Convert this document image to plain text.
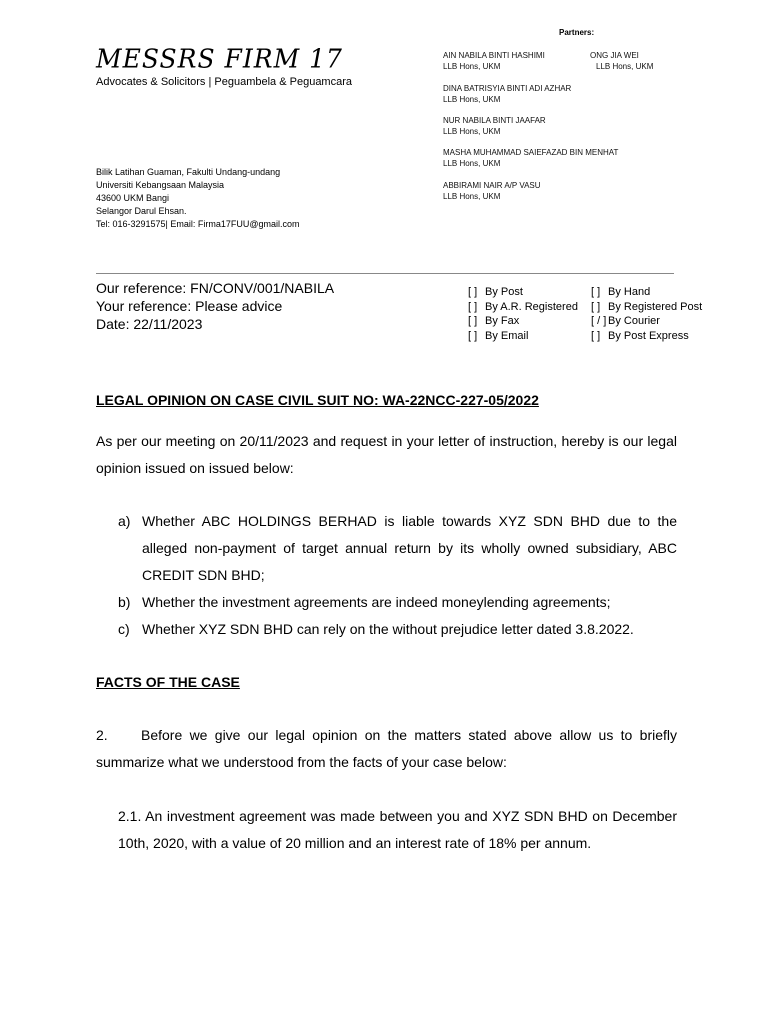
Partners:
MESSRS FIRM 17
Advocates & Solicitors | Peguambela & Peguamcara
AIN NABILA BINTI HASHIMI
LLB Hons, UKM
ONG JIA WEI
LLB Hons, UKM
DINA BATRISYIA BINTI ADI AZHAR
LLB Hons, UKM
NUR NABILA BINTI JAAFAR
LLB Hons, UKM
MASHA MUHAMMAD SAIEFAZAD BIN MENHAT
LLB Hons, UKM
ABBIRAMI NAIR A/P VASU
LLB Hons, UKM
Bilik Latihan Guaman, Fakulti Undang-undang
Universiti Kebangsaan Malaysia
43600 UKM Bangi
Selangor Darul Ehsan.
Tel: 016-3291575| Email: Firma17FUU@gmail.com
Our reference: FN/CONV/001/NABILA
Your reference: Please advice
Date: 22/11/2023
[ ] By Post
[ ] By A.R. Registered
[ ] By Fax
[ ] By Email
[ ] By Hand
[ ] By Registered Post
[ / ] By Courier
[ ] By Post Express
LEGAL OPINION ON CASE CIVIL SUIT NO: WA-22NCC-227-05/2022
As per our meeting on 20/11/2023 and request in your letter of instruction, hereby is our legal opinion issued on issued below:
a) Whether ABC HOLDINGS BERHAD is liable towards XYZ SDN BHD due to the alleged non-payment of target annual return by its wholly owned subsidiary, ABC CREDIT SDN BHD;
b) Whether the investment agreements are indeed moneylending agreements;
c) Whether XYZ SDN BHD can rely on the without prejudice letter dated 3.8.2022.
FACTS OF THE CASE
2. Before we give our legal opinion on the matters stated above allow us to briefly summarize what we understood from the facts of your case below:
2.1. An investment agreement was made between you and XYZ SDN BHD on December 10th, 2020, with a value of 20 million and an interest rate of 18% per annum.
